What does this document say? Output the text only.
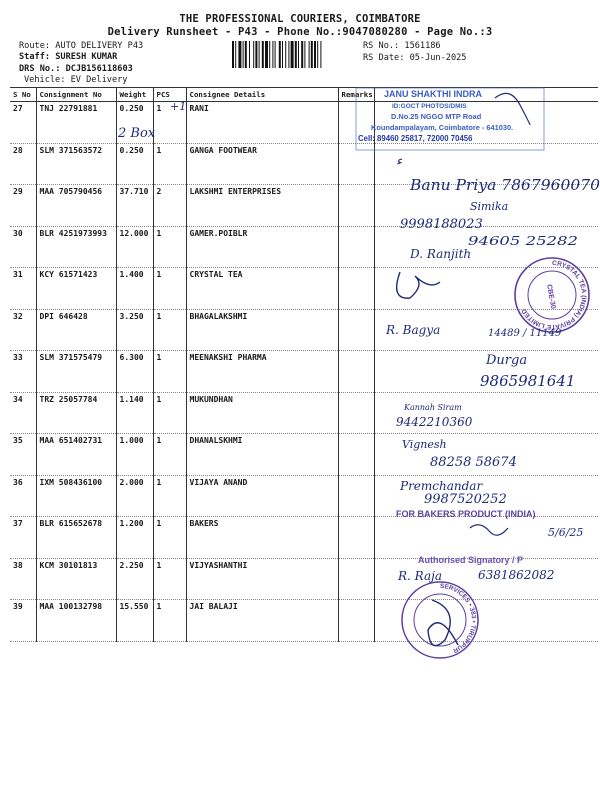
THE PROFESSIONAL COURIERS, COIMBATORE
Delivery Runsheet - P43 - Phone No.:9047080280 - Page No.:3
Route: AUTO DELIVERY P43
Staff: SURESH KUMAR
DRS No.: DCJB156118603
Vehicle: EV Delivery
RS No.: 1561186
RS Date: 05-Jun-2025
S No	Consignment No	Weight	PCS	Consignee Details	Remarks	
27	TNJ 22791881	0.250	1	RANI		
28	SLM 371563572	0.250	1	GANGA FOOTWEAR		
29	MAA 705790456	37.710	2	LAKSHMI ENTERPRISES		
30	BLR 4251973993	12.000	1	GAMER.POIBLR		
31	KCY 61571423	1.400	1	CRYSTAL TEA		
32	DPI 646428	3.250	1	BHAGALAKSHMI		
33	SLM 371575479	6.300	1	MEENAKSHI PHARMA		
34	TRZ 25057784	1.140	1	MUKUNDHAN		
35	MAA 651402731	1.000	1	DHANALSKHMI		
36	IXM 508436100	2.000	1	VIJAYA ANAND		
37	BLR 615652678	1.200	1	BAKERS		
38	KCM 30101813	2.250	1	VIJYASHANTHI		
39	MAA 100132798	15.550	1	JAI BALAJI		
+1
2 Box
JANU SHAKTHI INDRA
ID:GOCT PHOTOS/DMIS
D.No.25 NGGO MTP Road
Koundampalayam, Coimbatore - 641030.
Cell: 89460 25817, 72000 70456
ء
Banu Priya 7867960070
Simika
9998188023
94605 25282
D. Ranjith
CRYSTAL TEA (INDIA) PRIVATE LIMITED
CBE-30
R. Bagya	14489 / 11149
Durga
9865981641
Kannah Siram
9442210360
Vignesh
88258 58674
Premchandar
9987520252
FOR BAKERS PRODUCT (INDIA)
5/6/25
Authorised Signatory / P
R. Raja	6381862082
SERVICES • 383 • TIRUPPUR
